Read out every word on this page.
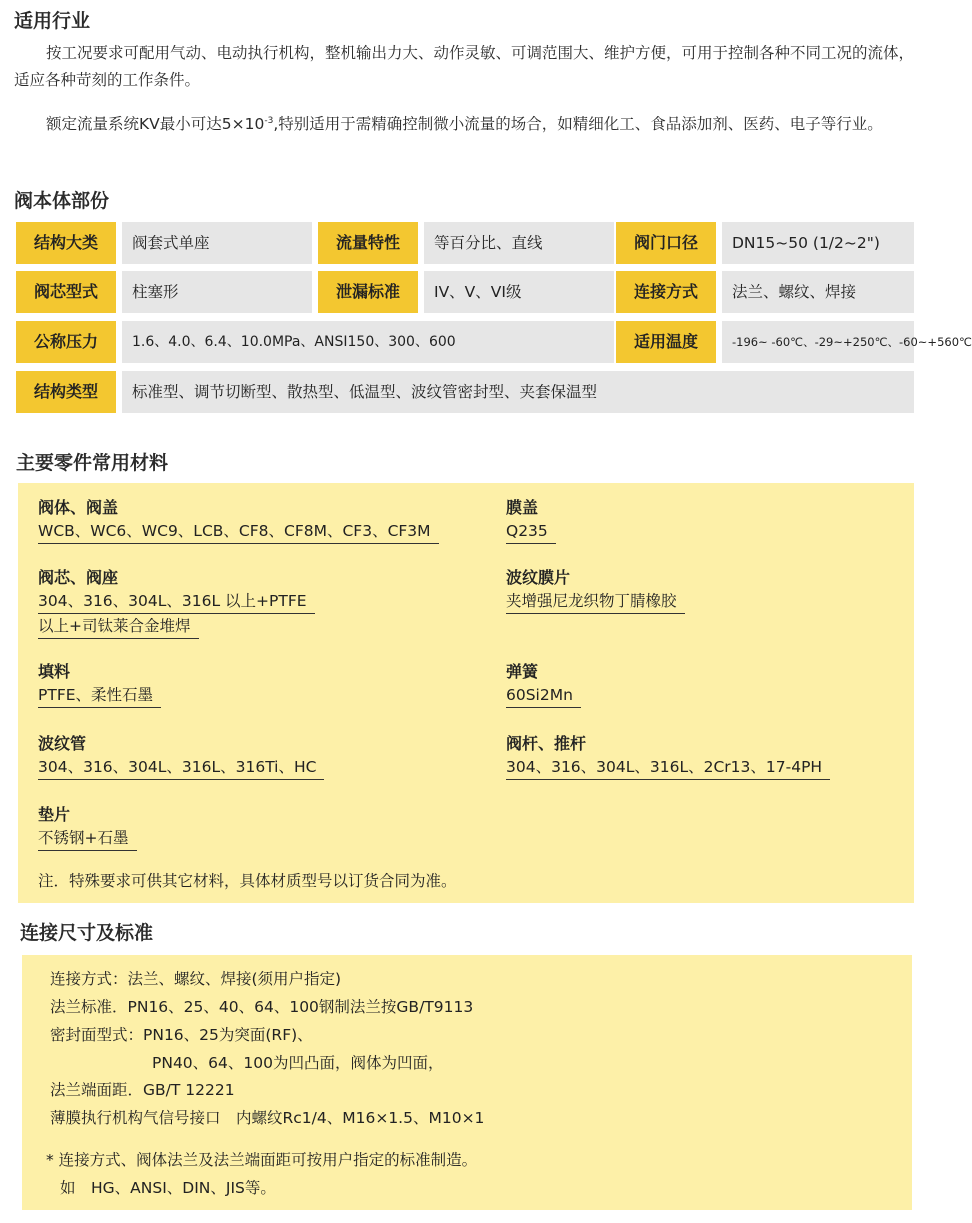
适用行业

按工况要求可配用气动、电动执行机构，整机输出力大、动作灵敏、可调范围大、维护方便，可用于控制各种不同工况的流体，适应各种苛刻的工作条件。

额定流量系统KV最小可达$5\times 10^{-3}$,特别适用于需精确控制微小流量的场合，如精细化工、食品添加剂、医药、电子等行业。

阀本体部份
结构大类	阀套式单座	流量特性	等百分比、直线	阀门口径	DN15~50 (1/2~2")
阀芯型式	柱塞形	泄漏标准	IV、V、VI级	连接方式	法兰、螺纹、焊接
公称压力	1.6、4.0、6.4、10.0MPa、ANSI150、300、600	适用温度	-196~ -60℃、-29~+250℃、-60~+560℃
结构类型	标准型、调节切断型、散热型、低温型、波纹管密封型、夹套保温型
主要零件常用材料
阀体、阀盖
WCB、WC6、WC9、LCB、CF8、CF8M、CF3、CF3M
阀芯、阀座
304、316、304L、316L 以上+PTFE
以上+司钛莱合金堆焊
填料
PTFE、柔性石墨
波纹管
304、316、304L、316L、316Ti、HC
垫片
不锈钢+石墨
膜盖
Q235
波纹膜片
夹增强尼龙织物丁腈橡胶
弹簧
60Si2Mn
阀杆、推杆
304、316、304L、316L、2Cr13、17-4PH
注．特殊要求可供其它材料，具体材质型号以订货合同为准。
连接尺寸及标准
连接方式：法兰、螺纹、焊接(须用户指定)
法兰标准．PN16、25、40、64、100钢制法兰按GB/T9113
密封面型式：PN16、25为突面(RF)、
PN40、64、100为凹凸面，阀体为凹面，
法兰端面距．GB/T 12221
薄膜执行机构气信号接口　内螺纹Rc1/4、M16×1.5、M10×1
* 连接方式、阀体法兰及法兰端面距可按用户指定的标准制造。
如　HG、ANSI、DIN、JIS等。
